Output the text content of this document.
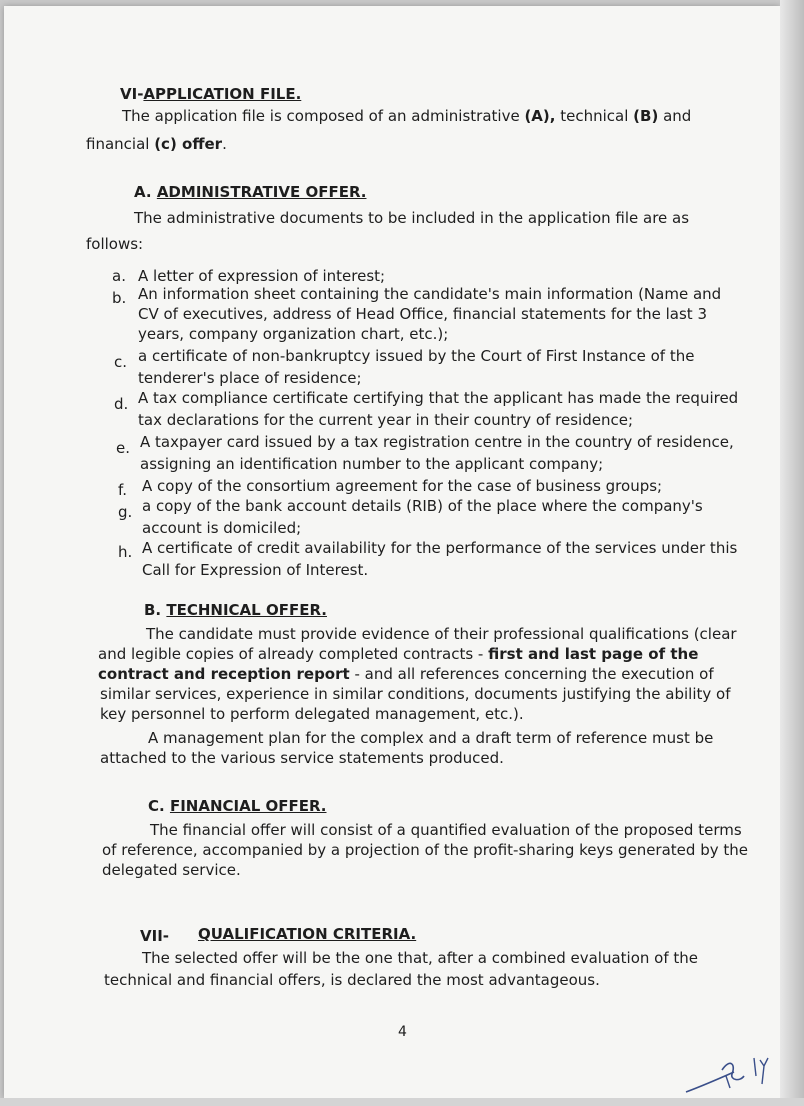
VI-APPLICATION FILE.
The application file is composed of an administrative (A), technical (B) and
financial (c) offer.
A. ADMINISTRATIVE OFFER.
The administrative documents to be included in the application file are as
follows:
a. A letter of expression of interest;
b. An information sheet containing the candidate's main information (Name and
CV of executives, address of Head Office, financial statements for the last 3
years, company organization chart, etc.);
c. a certificate of non-bankruptcy issued by the Court of First Instance of the
tenderer's place of residence;
d. A tax compliance certificate certifying that the applicant has made the required
tax declarations for the current year in their country of residence;
e. A taxpayer card issued by a tax registration centre in the country of residence,
assigning an identification number to the applicant company;
f. A copy of the consortium agreement for the case of business groups;
g. a copy of the bank account details (RIB) of the place where the company's
account is domiciled;
h. A certificate of credit availability for the performance of the services under this
Call for Expression of Interest.
B. TECHNICAL OFFER.
The candidate must provide evidence of their professional qualifications (clear
and legible copies of already completed contracts - first and last page of the
contract and reception report - and all references concerning the execution of
similar services, experience in similar conditions, documents justifying the ability of
key personnel to perform delegated management, etc.).
A management plan for the complex and a draft term of reference must be
attached to the various service statements produced.
C. FINANCIAL OFFER.
The financial offer will consist of a quantified evaluation of the proposed terms
of reference, accompanied by a projection of the profit-sharing keys generated by the
delegated service.
VII- QUALIFICATION CRITERIA.
The selected offer will be the one that, after a combined evaluation of the
technical and financial offers, is declared the most advantageous.
4
